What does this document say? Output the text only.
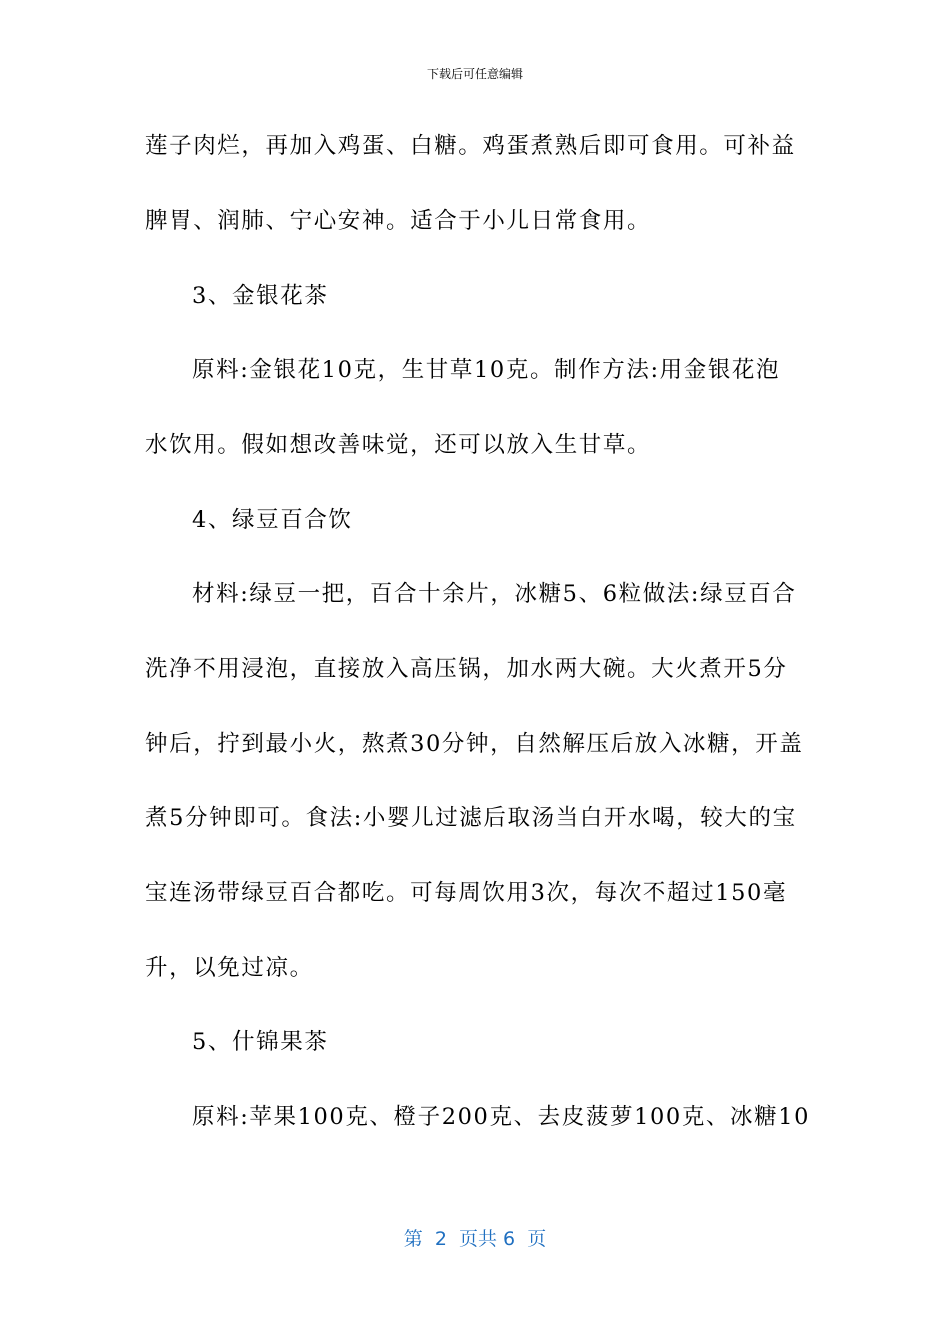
下载后可任意编辑
莲子肉烂，再加入鸡蛋、白糖。鸡蛋煮熟后即可食用。可补益
脾胃、润肺、宁心安神。适合于小儿日常食用。
3、金银花茶
原料:金银花10克，生甘草10克。制作方法:用金银花泡
水饮用。假如想改善味觉，还可以放入生甘草。
4、绿豆百合饮
材料:绿豆一把，百合十余片，冰糖5、6粒做法:绿豆百合
洗净不用浸泡，直接放入高压锅，加水两大碗。大火煮开5分
钟后，拧到最小火，熬煮30分钟，自然解压后放入冰糖，开盖
煮5分钟即可。食法:小婴儿过滤后取汤当白开水喝，较大的宝
宝连汤带绿豆百合都吃。可每周饮用3次，每次不超过150毫
升，以免过凉。
5、什锦果茶
原料:苹果100克、橙子200克、去皮菠萝100克、冰糖10
第  2  页共 6  页
